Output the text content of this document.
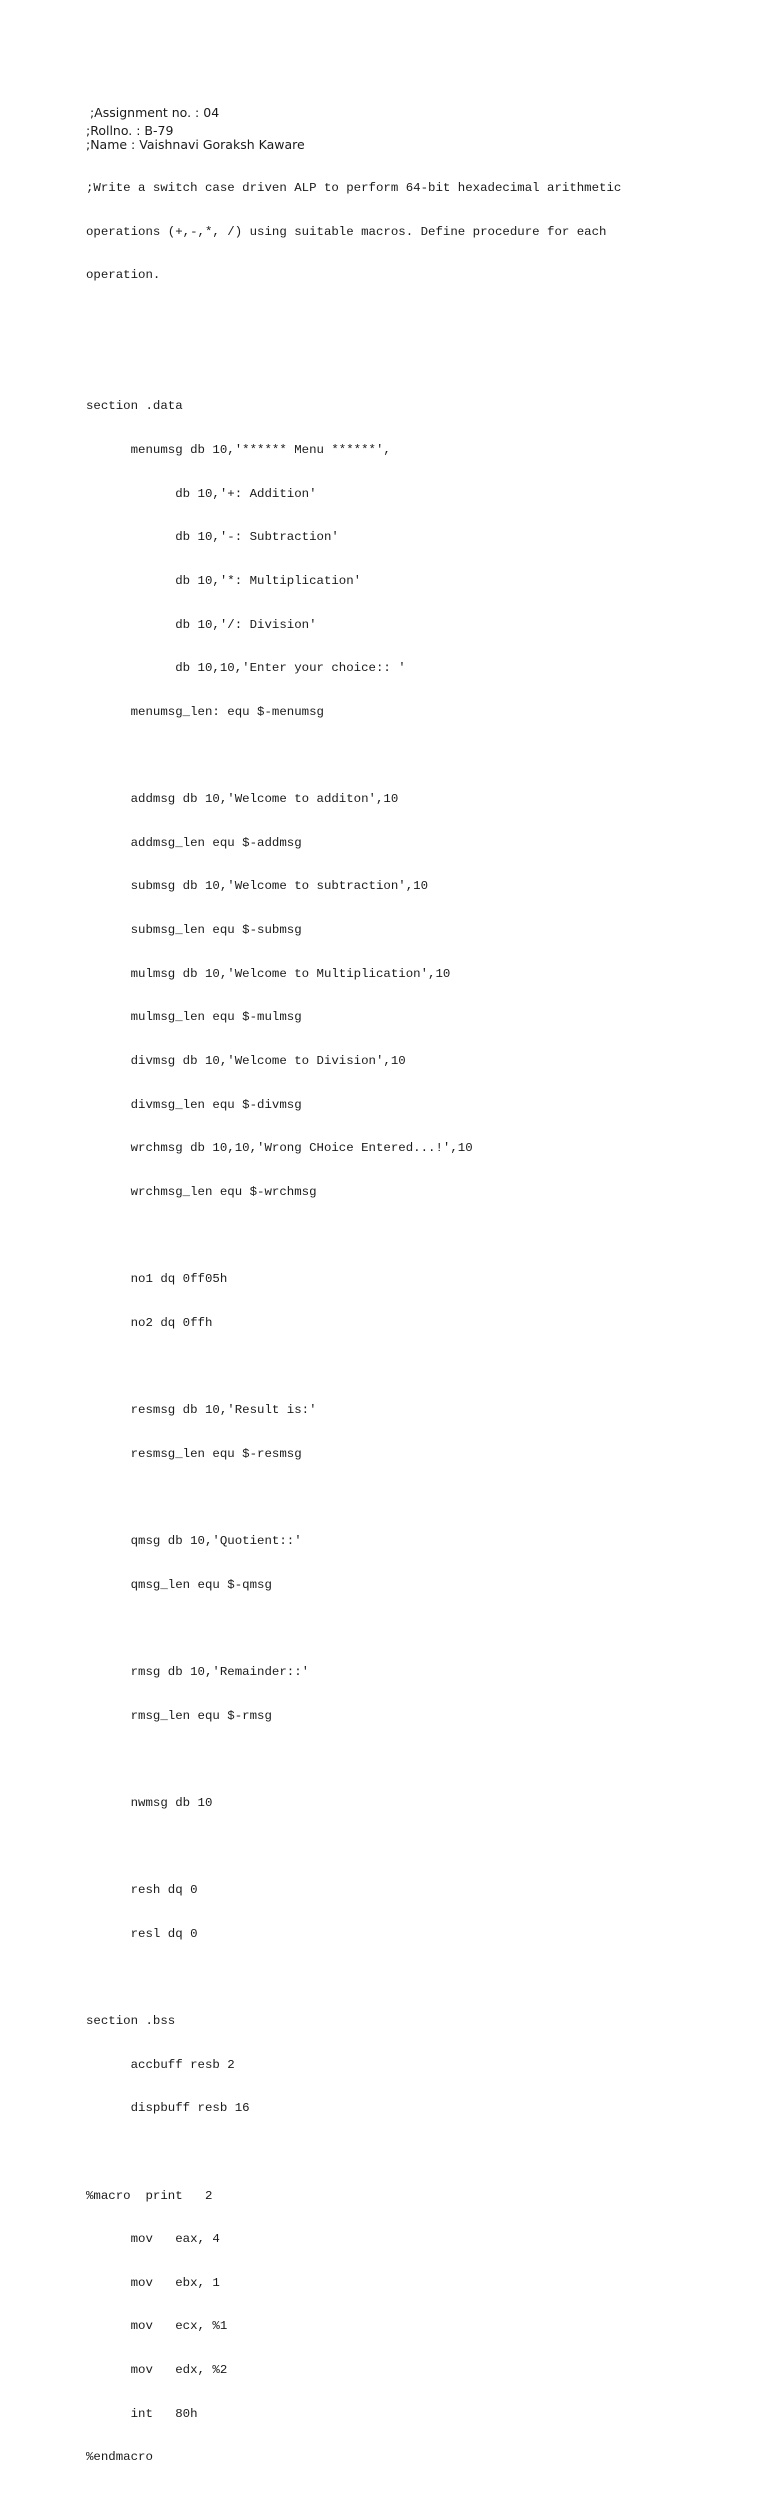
;Assignment no. : 04
;Rollno. : B-79
;Name : Vaishnavi Goraksh Kaware

;Write a switch case driven ALP to perform 64-bit hexadecimal arithmetic

operations (+,-,*, /) using suitable macros. Define procedure for each

operation.

section .data

menumsg db 10,'****** Menu ******',

db 10,'+: Addition'

db 10,'-: Subtraction'

db 10,'*: Multiplication'

db 10,'/: Division'

db 10,10,'Enter your choice:: '

menumsg_len: equ $-menumsg

addmsg db 10,'Welcome to additon',10

addmsg_len equ $-addmsg

submsg db 10,'Welcome to subtraction',10

submsg_len equ $-submsg

mulmsg db 10,'Welcome to Multiplication',10

mulmsg_len equ $-mulmsg

divmsg db 10,'Welcome to Division',10

divmsg_len equ $-divmsg

wrchmsg db 10,10,'Wrong CHoice Entered...!',10

wrchmsg_len equ $-wrchmsg

no1 dq 0ff05h

no2 dq 0ffh

resmsg db 10,'Result is:'

resmsg_len equ $-resmsg

qmsg db 10,'Quotient::'

qmsg_len equ $-qmsg

rmsg db 10,'Remainder::'

rmsg_len equ $-rmsg

nwmsg db 10

resh dq 0

resl dq 0

section .bss

accbuff resb 2

dispbuff resb 16

%macro  print   2

mov   eax, 4

mov   ebx, 1

mov   ecx, %1

mov   edx, %2

int   80h

%endmacro
